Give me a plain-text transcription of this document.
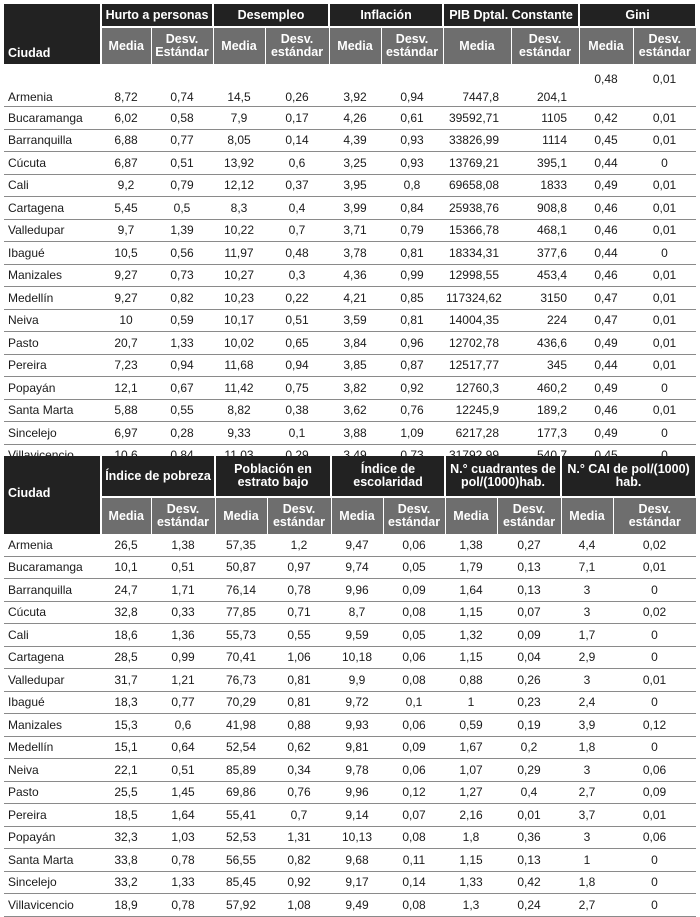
Ciudad	Hurto a personas		Desempleo		Inflación		PIB Dptal. Constante		Gini	
	Media	Desv. Estándar	Media	Desv. estándar	Media	Desv. estándar	Media	Desv. estándar	Media	Desv. estándar
Armenia	8,72	0,74	14,5	0,26	3,92	0,94	7447,8	204,1	0,48	0,01
Bucaramanga	6,02	0,58	7,9	0,17	4,26	0,61	39592,71	1105	0,42	0,01
Barranquilla	6,88	0,77	8,05	0,14	4,39	0,93	33826,99	1114	0,45	0,01
Cúcuta	6,87	0,51	13,92	0,6	3,25	0,93	13769,21	395,1	0,44	0
Cali	9,2	0,79	12,12	0,37	3,95	0,8	69658,08	1833	0,49	0,01
Cartagena	5,45	0,5	8,3	0,4	3,99	0,84	25938,76	908,8	0,46	0,01
Valledupar	9,7	1,39	10,22	0,7	3,71	0,79	15366,78	468,1	0,46	0,01
Ibagué	10,5	0,56	11,97	0,48	3,78	0,81	18334,31	377,6	0,44	0
Manizales	9,27	0,73	10,27	0,3	4,36	0,99	12998,55	453,4	0,46	0,01
Medellín	9,27	0,82	10,23	0,22	4,21	0,85	117324,62	3150	0,47	0,01
Neiva	10	0,59	10,17	0,51	3,59	0,81	14004,35	224	0,47	0,01
Pasto	20,7	1,33	10,02	0,65	3,84	0,96	12702,78	436,6	0,49	0,01
Pereira	7,23	0,94	11,68	0,94	3,85	0,87	12517,77	345	0,44	0,01
Popayán	12,1	0,67	11,42	0,75	3,82	0,92	12760,3	460,2	0,49	0
Santa Marta	5,88	0,55	8,82	0,38	3,62	0,76	12245,9	189,2	0,46	0,01
Sincelejo	6,97	0,28	9,33	0,1	3,88	1,09	6217,28	177,3	0,49	0

Ciudad	Índice de pobreza		Población en estrato bajo		Índice de escolaridad		N.° cuadrantes de pol/(1000)hab.		N.° CAI de pol/(1000) hab.	
	Media	Desv. estándar	Media	Desv. estándar	Media	Desv. estándar	Media	Desv. estándar	Media	Desv. estándar
Armenia	26,5	1,38	57,35	1,2	9,47	0,06	1,38	0,27	4,4	0,02
Bucaramanga	10,1	0,51	50,87	0,97	9,74	0,05	1,79	0,13	7,1	0,01
Barranquilla	24,7	1,71	76,14	0,78	9,96	0,09	1,64	0,13	3	0
Cúcuta	32,8	0,33	77,85	0,71	8,7	0,08	1,15	0,07	3	0,02
Cali	18,6	1,36	55,73	0,55	9,59	0,05	1,32	0,09	1,7	0
Cartagena	28,5	0,99	70,41	1,06	10,18	0,06	1,15	0,04	2,9	0
Valledupar	31,7	1,21	76,73	0,81	9,9	0,08	0,88	0,26	3	0,01
Ibagué	18,3	0,77	70,29	0,81	9,72	0,1	1	0,23	2,4	0
Manizales	15,3	0,6	41,98	0,88	9,93	0,06	0,59	0,19	3,9	0,12
Medellín	15,1	0,64	52,54	0,62	9,81	0,09	1,67	0,2	1,8	0
Neiva	22,1	0,51	85,89	0,34	9,78	0,06	1,07	0,29	3	0,06
Pasto	25,5	1,45	69,86	0,76	9,96	0,12	1,27	0,4	2,7	0,09
Pereira	18,5	1,64	55,41	0,7	9,14	0,07	2,16	0,01	3,7	0,01
Popayán	32,3	1,03	52,53	1,31	10,13	0,08	1,8	0,36	3	0,06
Santa Marta	33,8	0,78	56,55	0,82	9,68	0,11	1,15	0,13	1	0
Sincelejo	33,2	1,33	85,45	0,92	9,17	0,14	1,33	0,42	1,8	0
Villavicencio	18,9	0,78	57,92	1,08	9,49	0,08	1,3	0,24	2,7	0
